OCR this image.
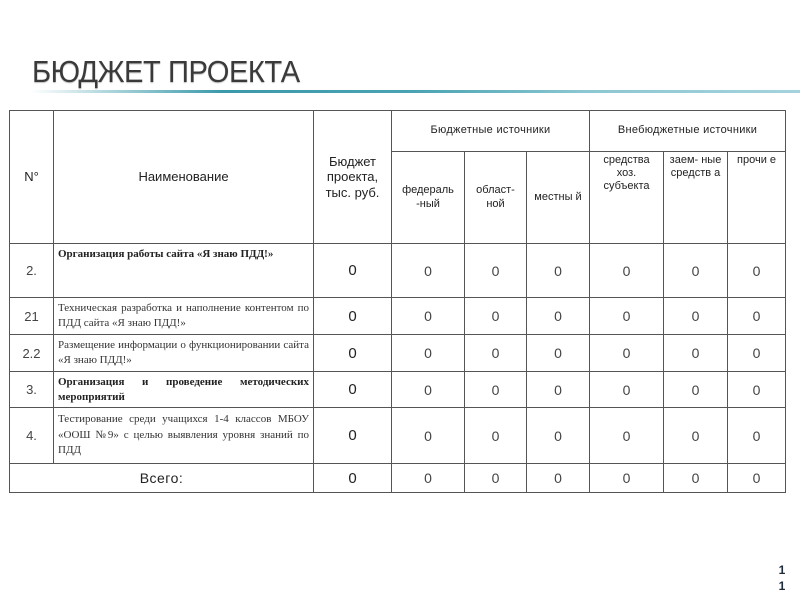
БЮДЖЕТ ПРОЕКТА
N°	Наименование	Бюджет проекта, тыс. руб.	Бюджетные источники			Внебюджетные источники		
			федераль -ный	област- ной	местны й	средства хоз. субъекта	заем- ные средств а	прочи е
2.	Организация работы сайта «Я знаю ПДД!»	0	0	0	0	0	0	0
21	Техническая разработка и наполнение контентом по ПДД сайта «Я знаю ПДД!»	0	0	0	0	0	0	0
2.2	Размещение информации о функционировании сайта «Я знаю ПДД!»	0	0	0	0	0	0	0
3.	Организация и проведение методических мероприятий	0	0	0	0	0	0	0
4.	Тестирование среди учащихся 1-4 классов МБОУ «ООШ №9» с целью выявления уровня знаний по ПДД	0	0	0	0	0	0	0
Всего:		0	0	0	0	0	0	0
11
